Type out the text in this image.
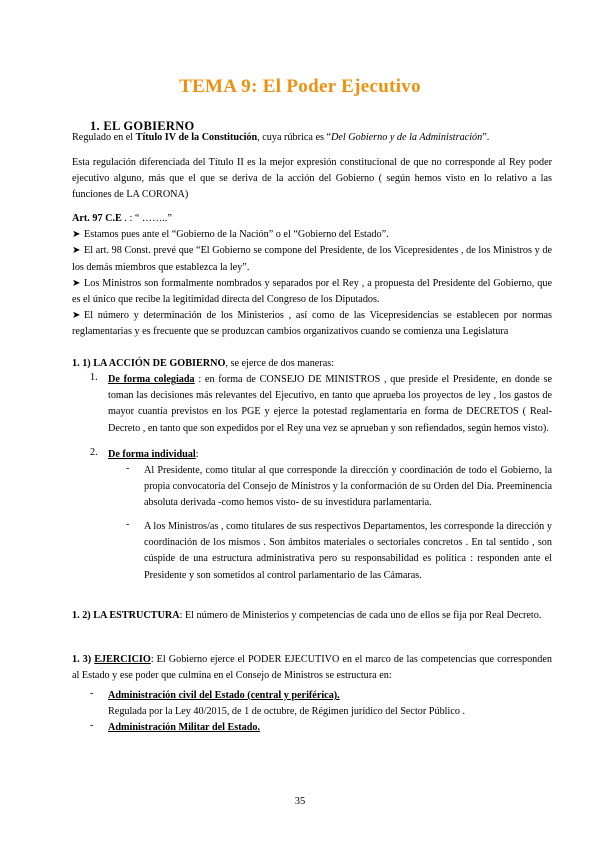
TEMA 9: El Poder Ejecutivo
1. EL GOBIERNO
Regulado en el Título IV de la Constitución, cuya rúbrica es “Del Gobierno y de la Administración”.
Esta regulación diferenciada del Título II es la mejor expresión constitucional de que no corresponde al Rey poder ejecutivo alguno, más que el que se deriva de la acción del Gobierno ( según hemos visto en lo relativo a las funciones de LA CORONA)
Art. 97 C.E . : “ ……..”
➤ Estamos pues ante el “Gobierno de la Nación” o el “Gobierno del Estado”.
➤ El art. 98 Const. prevé que “El Gobierno se compone del Presidente, de los Vicepresidentes , de los Ministros y de los demás miembros que establezca la ley”.
➤ Los Ministros son formalmente nombrados y separados por el Rey , a propuesta del Presidente del Gobierno, que es el único que recibe la legitimidad directa del Congreso de los Diputados.
➤ El número y determinación de los Ministerios , así como de las Vicepresidencias se establecen por normas reglamentarias y es frecuente que se produzcan cambios organizativos cuando se comienza una Legislatura
1. 1) LA ACCIÓN DE GOBIERNO, se ejerce de dos maneras:
1. De forma colegiada : en forma de CONSEJO DE MINISTROS , que preside el Presidente, en donde se toman las decisiones más relevantes del Ejecutivo, en tanto que aprueba los proyectos de ley , los gastos de mayor cuantía previstos en los PGE y ejerce la potestad reglamentaria en forma de DECRETOS ( Real-Decreto , en tanto que son expedidos por el Rey una vez se aprueban y son refiendados, según hemos visto).
2. De forma individual:
- Al Presidente, como titular al que corresponde la dirección y coordinación de todo el Gobierno, la propia convocatoria del Consejo de Ministros y la conformación de su Orden del Día. Preeminencia absoluta derivada -como hemos visto- de su investidura parlamentaria.
- A los Ministros/as , como titulares de sus respectivos Departamentos, les corresponde la dirección y coordinación de los mismos . Son ámbitos materiales o sectoriales concretos . En tal sentido , son cúspide de una estructura administrativa pero su responsabilidad es política : responden ante el Presidente y son sometidos al control parlamentario de las Cámaras.
1. 2) LA ESTRUCTURA: El número de Ministerios y competencias de cada uno de ellos se fija por Real Decreto.
1. 3) EJERCICIO: El Gobierno ejerce el PODER EJECUTIVO en el marco de las competencias que corresponden al Estado y ese poder que culmina en el Consejo de Ministros se estructura en:
- Administración civil del Estado (central y periférica).
Regulada por la Ley 40/2015, de 1 de octubre, de Régimen jurídico del Sector Público .
- Administración Militar del Estado.
35
